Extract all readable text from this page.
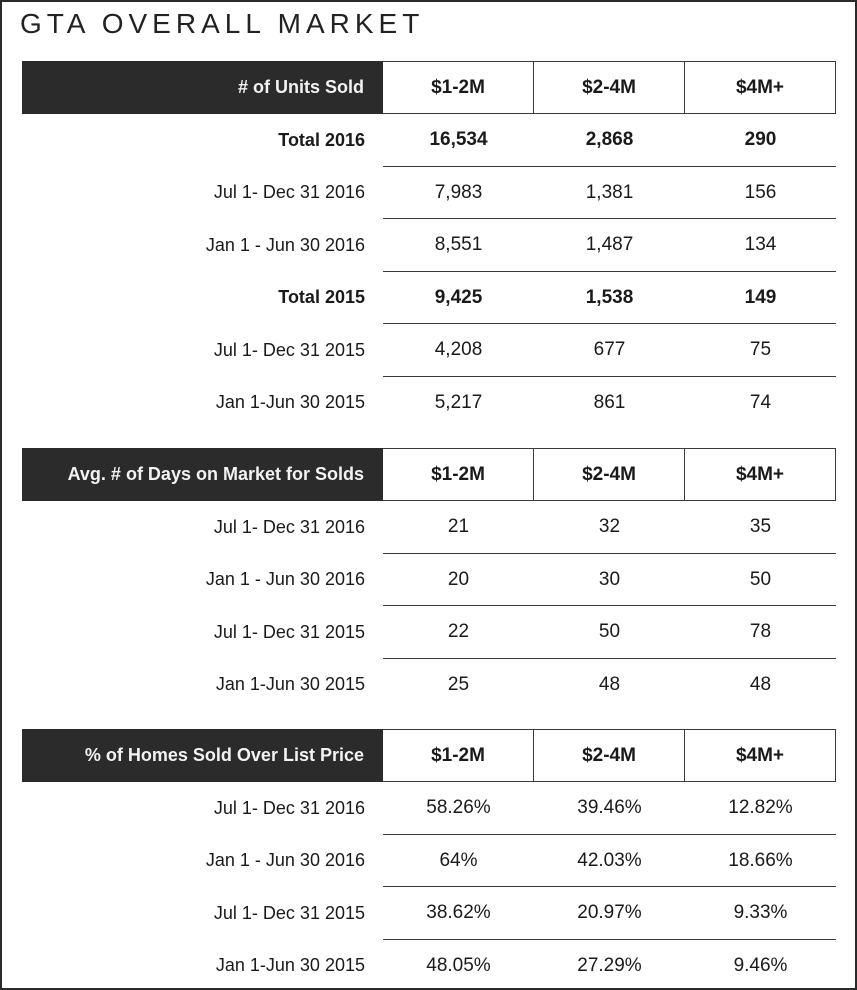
GTA OVERALL MARKET
# of Units Sold	$1-2M	$2-4M	$4M+
Total 2016	16,534	2,868	290
Jul 1- Dec 31 2016	7,983	1,381	156
Jan 1 - Jun 30 2016	8,551	1,487	134
Total 2015	9,425	1,538	149
Jul 1- Dec 31 2015	4,208	677	75
Jan 1-Jun 30 2015	5,217	861	74
Avg. # of Days on Market for Solds	$1-2M	$2-4M	$4M+
Jul 1- Dec 31 2016	21	32	35
Jan 1 - Jun 30 2016	20	30	50
Jul 1- Dec 31 2015	22	50	78
Jan 1-Jun 30 2015	25	48	48
% of Homes Sold Over List Price	$1-2M	$2-4M	$4M+
Jul 1- Dec 31 2016	58.26%	39.46%	12.82%
Jan 1 - Jun 30 2016	64%	42.03%	18.66%
Jul 1- Dec 31 2015	38.62%	20.97%	9.33%
Jan 1-Jun 30 2015	48.05%	27.29%	9.46%
